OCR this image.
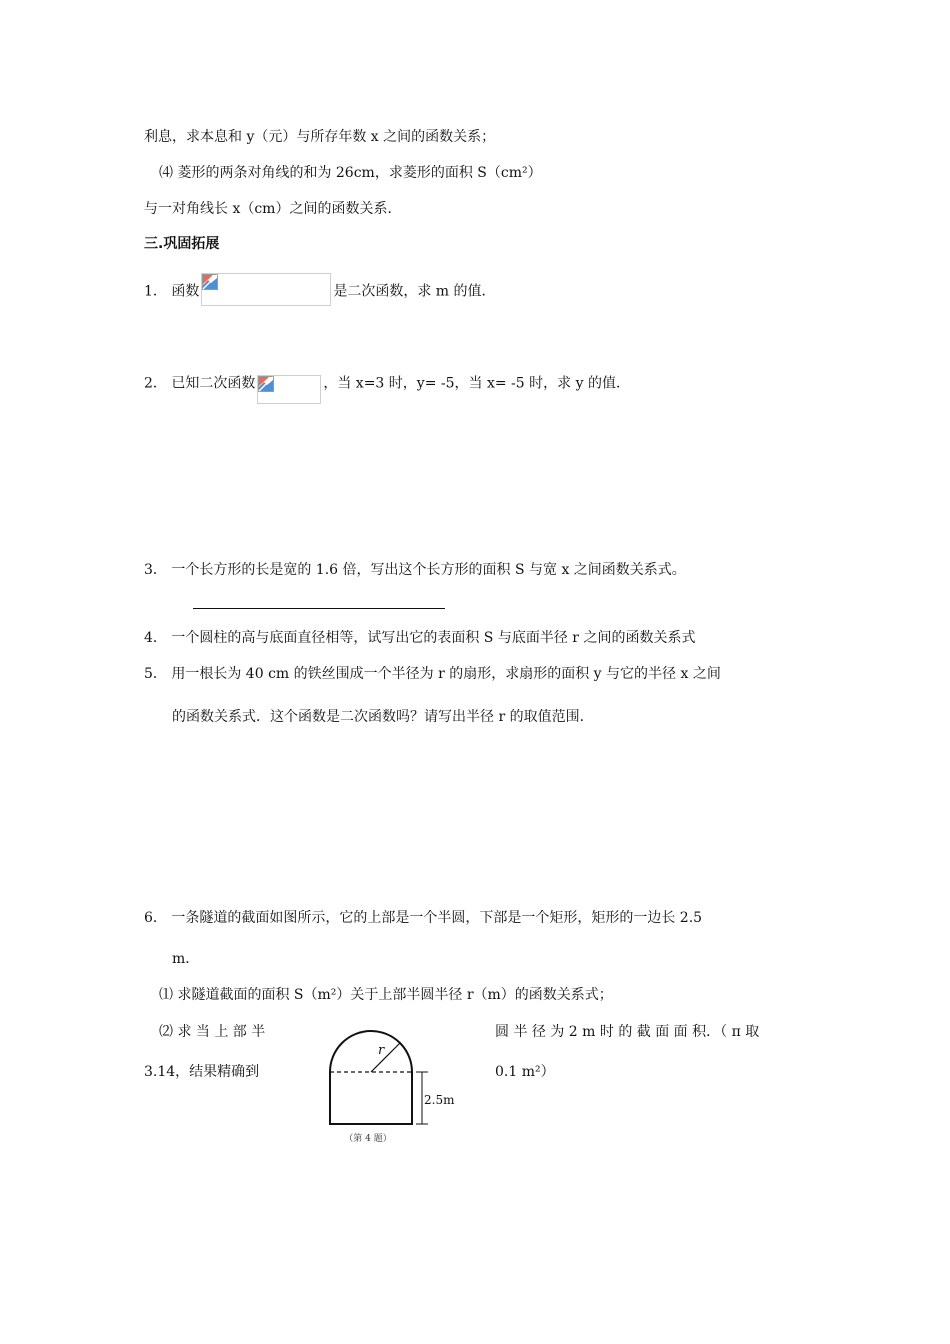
利息，求本息和 y（元）与所存年数 x 之间的函数关系；
⑷ 菱形的两条对角线的和为 26cm，求菱形的面积 S（cm²）
与一对角线长 x（cm）之间的函数关系．
三.巩固拓展
1． 函数	是二次函数，求 m 的值．
2． 已知二次函数	，当 x=3 时，y= -5，当 x= -5 时，求 y 的值．
3． 一个长方形的长是宽的 1.6 倍，写出这个长方形的面积 S 与宽 x 之间函数关系式。
4． 一个圆柱的高与底面直径相等，试写出它的表面积 S 与底面半径 r 之间的函数关系式
5． 用一根长为 40 cm 的铁丝围成一个半径为 r 的扇形，求扇形的面积 y 与它的半径 x 之间
的函数关系式．这个函数是二次函数吗？请写出半径 r 的取值范围．
6． 一条隧道的截面如图所示，它的上部是一个半圆，下部是一个矩形，矩形的一边长 2.5
m．
⑴ 求隧道截面的面积 S（m²）关于上部半圆半径 r（m）的函数关系式；
⑵ 求 当 上 部 半	圆 半 径 为 2 m 时 的 截 面 面 积．（ π 取
3.14，结果精确到	0.1 m²）
r
2.5m
（第 4 题）
